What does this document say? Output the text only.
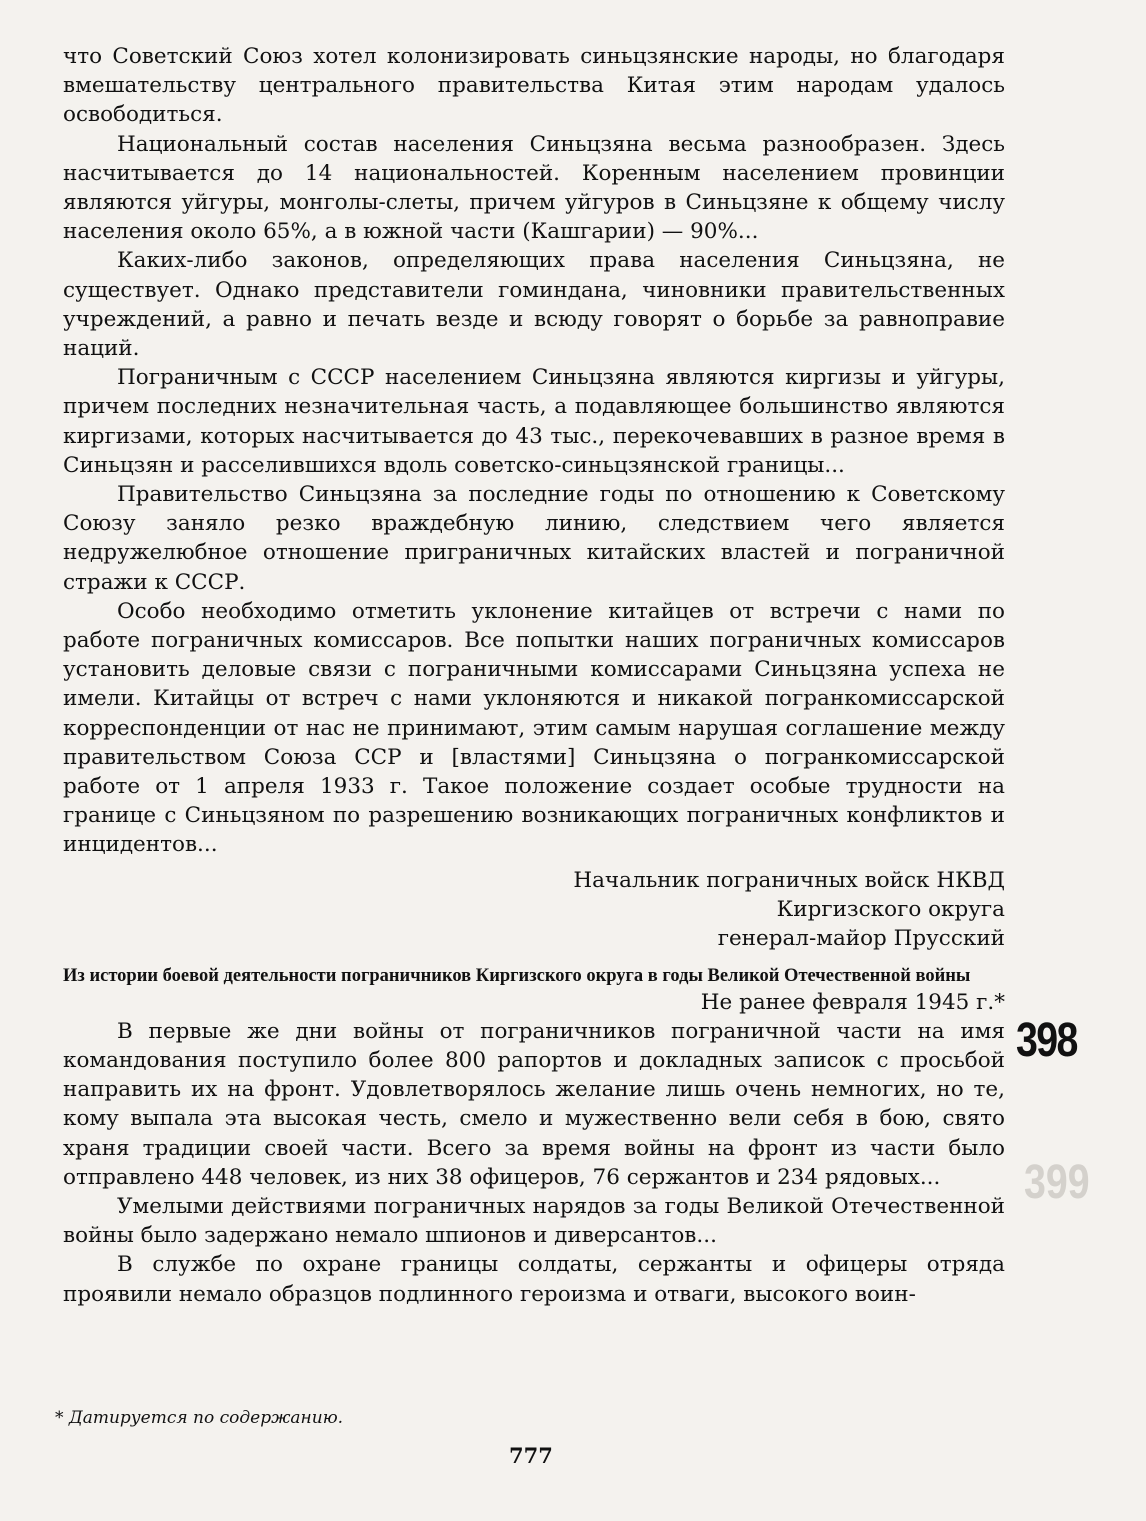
что Советский Союз хотел колонизировать синьцзянские народы, но благодаря вмешательству центрального правительства Китая этим народам удалось освободиться.

Национальный состав населения Синьцзяна весьма разнообразен. Здесь насчитывается до 14 национальностей. Коренным населением провинции являются уйгуры, монголы-слеты, причем уйгуров в Синьцзяне к общему числу населения около 65%, а в южной части (Кашгарии) — 90%...

Каких-либо законов, определяющих права населения Синьцзяна, не существует. Однако представители гоминдана, чиновники правительственных учреждений, а равно и печать везде и всюду говорят о борьбе за равноправие наций.

Пограничным с СССР населением Синьцзяна являются киргизы и уйгуры, причем последних незначительная часть, а подавляющее большинство являются киргизами, которых насчитывается до 43 тыс., перекочевавших в разное время в Синьцзян и расселившихся вдоль советско-синьцзянской границы...

Правительство Синьцзяна за последние годы по отношению к Советскому Союзу заняло резко враждебную линию, следствием чего является недружелюбное отношение приграничных китайских властей и пограничной стражи к СССР.

Особо необходимо отметить уклонение китайцев от встречи с нами по работе пограничных комиссаров. Все попытки наших пограничных комиссаров установить деловые связи с пограничными комиссарами Синьцзяна успеха не имели. Китайцы от встреч с нами уклоняются и никакой погранкомиссарской корреспонденции от нас не принимают, этим самым нарушая соглашение между правительством Союза ССР и [властями] Синьцзяна о погранкомиссарской работе от 1 апреля 1933 г. Такое положение создает особые трудности на границе с Синьцзяном по разрешению возникающих пограничных конфликтов и инцидентов...

Начальник пограничных войск НКВД
Киргизского округа
генерал-майор Прусский
Из истории боевой деятельности пограничников Киргизского округа в годы Великой Отечественной войны
Не ранее февраля 1945 г.*

В первые же дни войны от пограничников пограничной части на имя командования поступило более 800 рапортов и докладных записок с просьбой направить их на фронт. Удовлетворялось желание лишь очень немногих, но те, кому выпала эта высокая честь, смело и мужественно вели себя в бою, свято храня традиции своей части. Всего за время войны на фронт из части было отправлено 448 человек, из них 38 офицеров, 76 сержантов и 234 рядовых...

Умелыми действиями пограничных нарядов за годы Великой Отечественной войны было задержано немало шпионов и диверсантов...

В службе по охране границы солдаты, сержанты и офицеры отряда проявили немало образцов подлинного героизма и отваги, высокого воин-

398
399
* Датируется по содержанию.
777
